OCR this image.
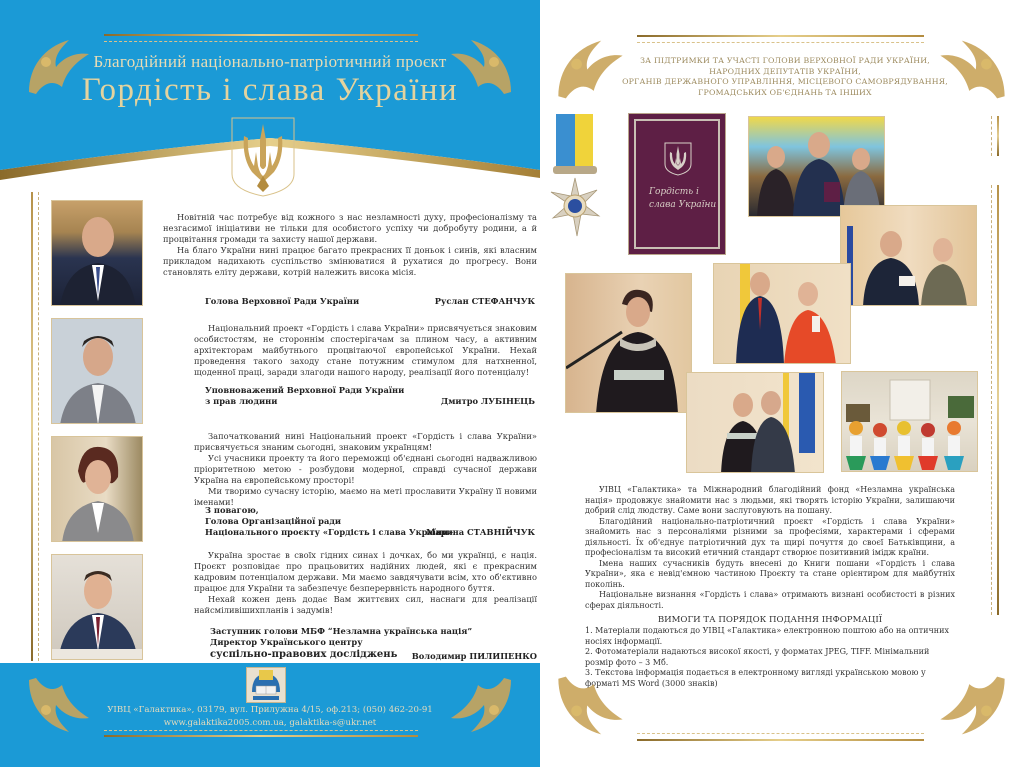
Благодійний національно-патріотичний проєкт
Гордість і слава України

Новітній час потребує від кожного з нас незламності духу, професіоналізму та незгасимої ініціативи не тільки для особистого успіху чи добробуту родини, а й процвітання громади та захисту нашої держави.

На благо України нині працює багато прекрасних її доньок і синів, які власним прикладом надихають суспільство змінюватися й рухатися до прогресу. Вони становлять еліту держави, котрій належить висока місія.

Голова Верховної Ради України	Руслан СТЕФАНЧУК

Національний проект «Гордість і слава України» присвячується знаковим особистостям, не стороннім спостерігачам за плином часу, а активним архітекторам майбутнього процвітаючої європейської України. Нехай проведення такого заходу стане потужним стимулом для натхненної, щоденної праці, заради злагоди нашого народу, реалізації його потенціалу!

Уповноважений Верховної Ради України
з прав людини	Дмитро ЛУБІНЕЦЬ

Започаткований нині Національний проект «Гордість і слава України» присвячується знаним сьогодні, знаковим українцям!

Усі учасники проекту та його переможці об'єднані сьогодні надважливою пріоритетною метою - розбудови модерної, справді сучасної держави Україна на європейському просторі!

Ми творимо сучасну історію, маємо на меті прославити Україну її новими іменами!

З повагою,
Голова Організаційної ради
Національного проєкту «Гордість і слава України»
Марина СТАВНІЙЧУК

Україна зростає в своїх гідних синах і дочках, бо ми українці, є нація. Проєкт розповідає про працьовитих надійних людей, які є прекрасним кадровим потенціалом держави. Ми маємо завдячувати всім, хто об'єктивно працює для України та забезпечує безперервність народного буття.

Нехай кожен день додає Вам життєвих сил, наснаги для реалізації найсміливішихпланів і задумів!

Заступник голови МБФ “Незламна українська нація”
Директор Українського центру
суспільно-правових досліджень	Володимир ПИЛИПЕНКО
УІВЦ «Галактика», 03179, вул. Прилужна 4/15, оф.213; (050) 462-20-91
www.galaktika2005.com.ua, galaktika-s@ukr.net
ЗА ПІДТРИМКИ ТА УЧАСТІ ГОЛОВИ ВЕРХОВНОЇ РАДИ УКРАЇНИ,
НАРОДНИХ ДЕПУТАТІВ УКРАЇНИ,
ОРГАНІВ ДЕРЖАВНОГО УПРАВЛІННЯ, МІСЦЕВОГО САМОВРЯДУВАННЯ,
ГРОМАДСЬКИХ ОБ'ЄДНАНЬ ТА ІНШИХ
Гордість і слава України

УІВЦ «Галактика» та Міжнародний благодійний фонд «Незламна українська нація» продовжує знайомити нас з людьми, які творять історію України, залишаючи добрий слід людству. Саме вони заслуговують на пошану.

Благодійний національно-патріотичний проєкт «Гордість і слава України» знайомить нас з персоналіями різними за професіями, характерами і сферами діяльності. Їх об'єднує патріотичний дух та щирі почуття до своєї Батьківщини, а професіоналізм та високий етичний стандарт створює позитивний імідж країни.

Імена наших сучасників будуть внесені до Книги пошани «Гордість і слава України», яка є невід'ємною частиною Проєкту та стане орієнтиром для майбутніх поколінь.

Національне визнання «Гордість і слава» отримають визнані особистості в різних сферах діяльності.

ВИМОГИ ТА ПОРЯДОК ПОДАННЯ ІНФОРМАЦІЇ
1. Матеріали подаються до УІВЦ «Галактика» електронною поштою або на оптичних носіях інформації.
2. Фотоматеріали надаються високої якості, у форматах JPEG, TIFF. Мінімальний розмір фото – 3 Мб.
3. Текстова інформація подається в електронному вигляді українською мовою у форматі MS Word (3000 знаків)
